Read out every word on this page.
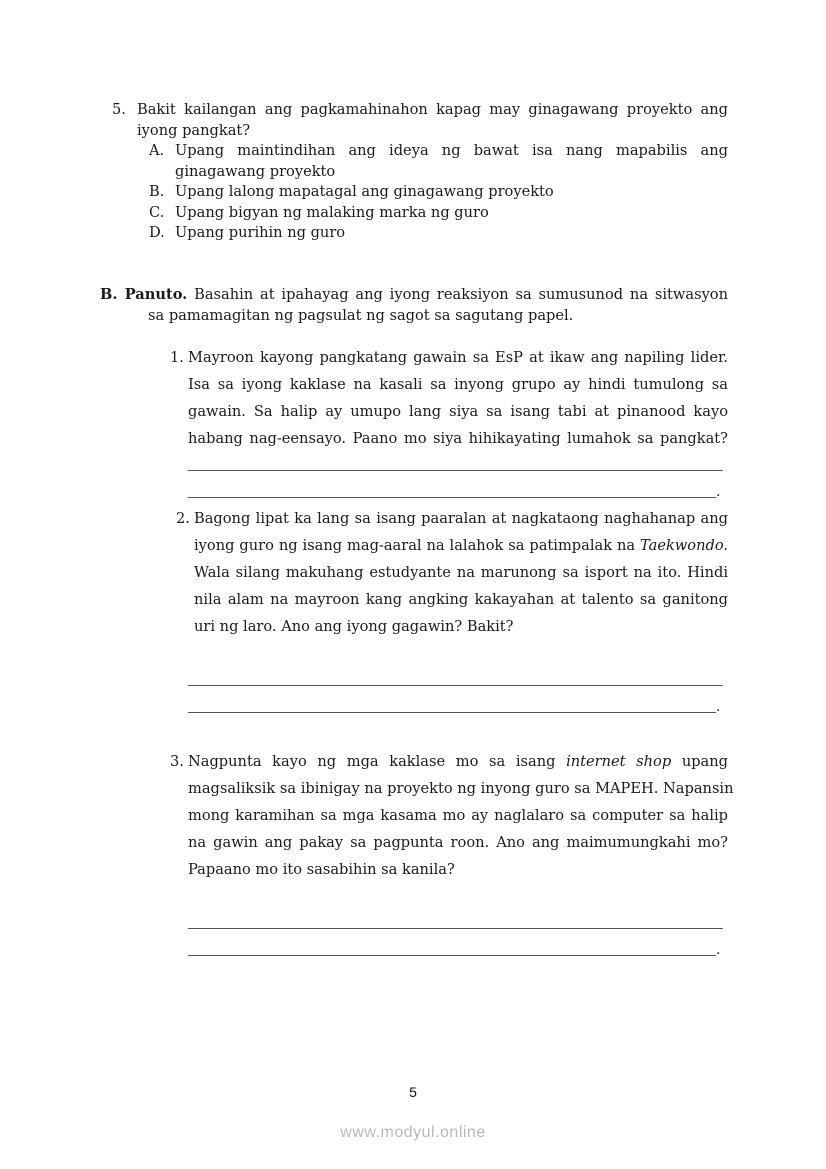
5. Bakit kailangan ang pagkamahinahon kapag may ginagawang proyekto ang
iyong pangkat?
A. Upang maintindihan ang ideya ng bawat isa nang mapabilis ang
ginagawang proyekto
B. Upang lalong mapatagal ang ginagawang proyekto
C. Upang bigyan ng malaking marka ng guro
D. Upang purihin ng guro
B. Panuto. Basahin at ipahayag ang iyong reaksiyon sa sumusunod na sitwasyon
sa pamamagitan ng pagsulat ng sagot sa sagutang papel.
1. Mayroon kayong pangkatang gawain sa EsP at ikaw ang napiling lider.
Isa sa iyong kaklase na kasali sa inyong grupo ay hindi tumulong sa
gawain. Sa halip ay umupo lang siya sa isang tabi at pinanood kayo
habang nag-eensayo. Paano mo siya hihikayating lumahok sa pangkat?
.
2. Bagong lipat ka lang sa isang paaralan at nagkataong naghahanap ang
iyong guro ng isang mag-aaral na lalahok sa patimpalak na Taekwondo.
Wala silang makuhang estudyante na marunong sa isport na ito. Hindi
nila alam na mayroon kang angking kakayahan at talento sa ganitong
uri ng laro. Ano ang iyong gagawin? Bakit?
.
3. Nagpunta kayo ng mga kaklase mo sa isang internet shop upang
magsaliksik sa ibinigay na proyekto ng inyong guro sa MAPEH. Napansin
mong karamihan sa mga kasama mo ay naglalaro sa computer sa halip
na gawin ang pakay sa pagpunta roon. Ano ang maimumungkahi mo?
Papaano mo ito sasabihin sa kanila?
.
5
www.modyul.online
